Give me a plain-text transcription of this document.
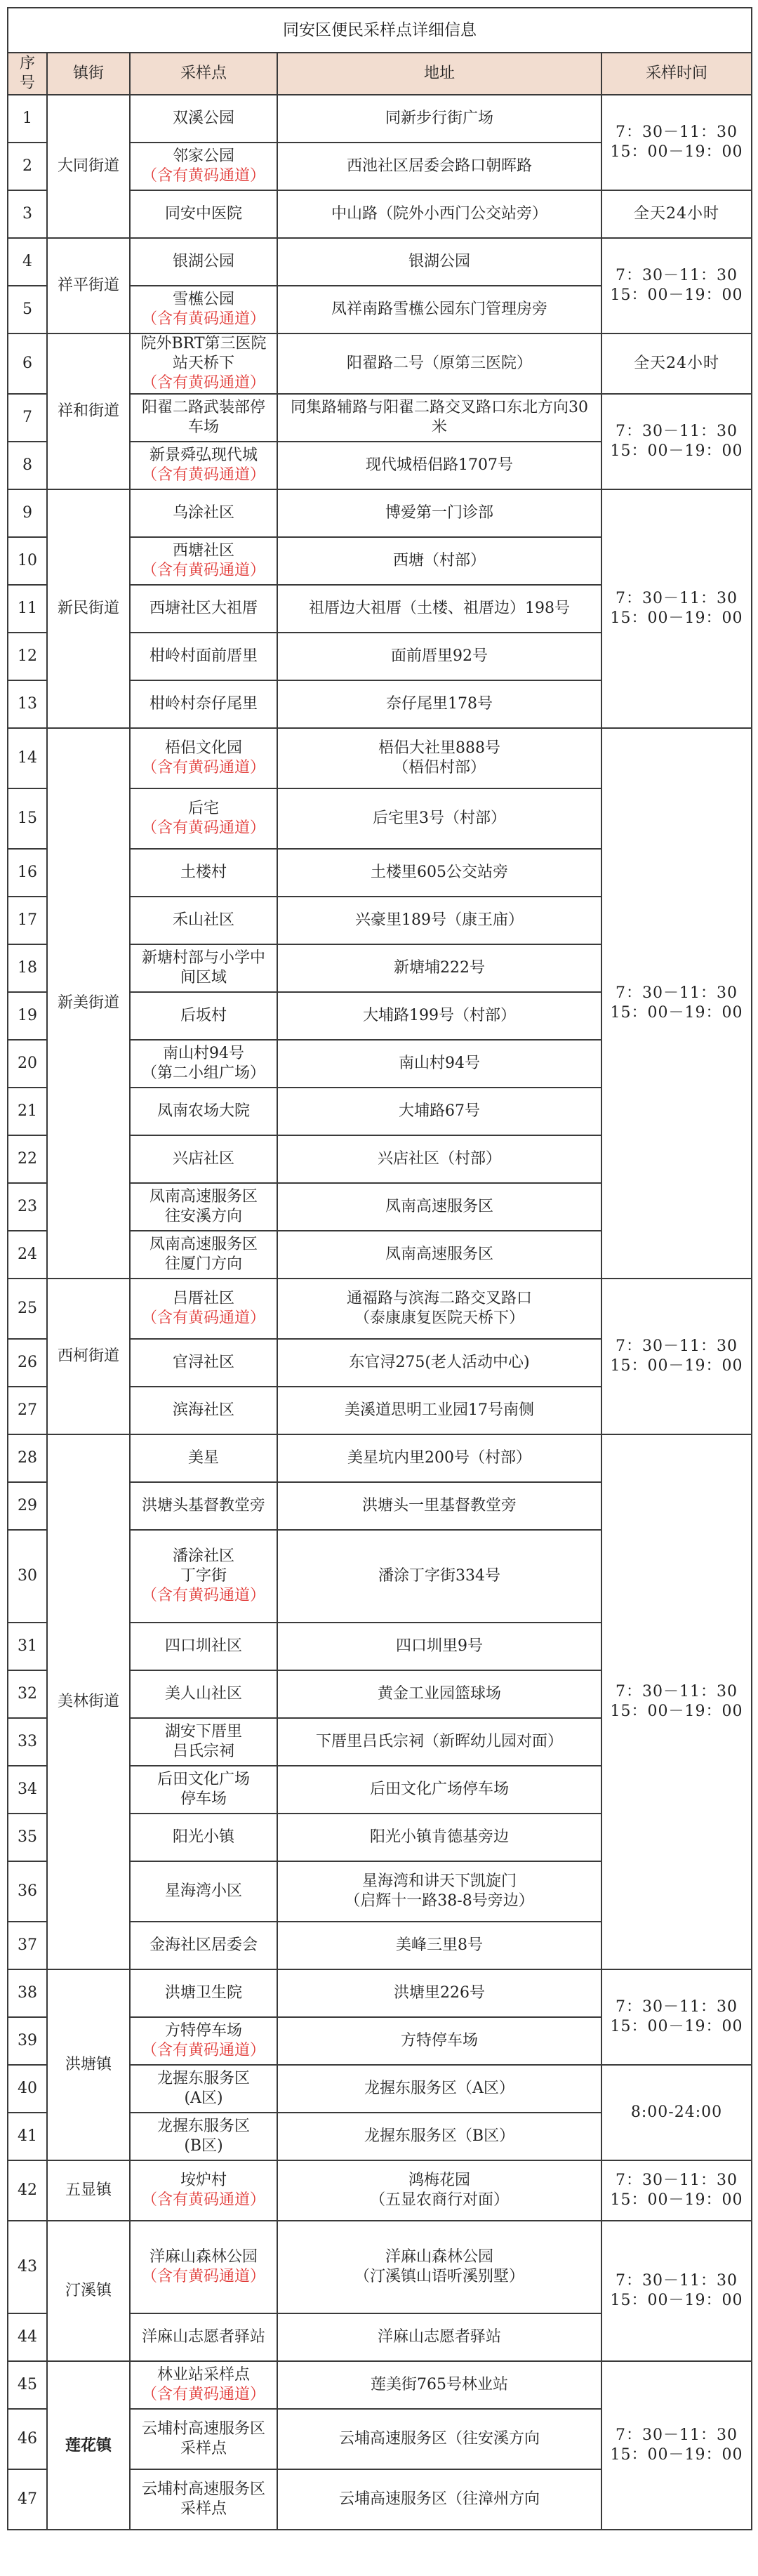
同安区便民采样点详细信息				
序号	镇街	采样点	地址	采样时间
1	大同街道	双溪公园	同新步行街广场	7：30－11：30
15：00－19：00

2		邻家公园
（含有黄码通道）	西池社区居委会路口朝晖路	

3		同安中医院	中山路（院外小西门公交站旁）	全天24小时

4	祥平街道	银湖公园	银湖公园	7：30－11：30
15：00－19：00

5		雪櫵公园
（含有黄码通道）	凤祥南路雪櫵公园东门管理房旁	

6	祥和街道	院外BRT第三医院
站天桥下
（含有黄码通道）	阳翟路二号（原第三医院）	全天24小时

7		阳翟二路武装部停
车场	同集路辅路与阳翟二路交叉路口东北方向30
米	7：30－11：30
15：00－19：00

8		新景舜弘现代城
（含有黄码通道）	现代城梧侣路1707号	

9	新民街道	乌涂社区	博爱第一门诊部	7：30－11：30
15：00－19：00

10		西塘社区
（含有黄码通道）	西塘（村部）	

11		西塘社区大祖厝	祖厝边大祖厝（土楼、祖厝边）198号	

12		柑岭村面前厝里	面前厝里92号	

13		柑岭村奈仔尾里	奈仔尾里178号	

14	新美街道	梧侣文化园
（含有黄码通道）	梧侣大社里888号
（梧侣村部）	7：30－11：30
15：00－19：00

15		后宅
（含有黄码通道）	后宅里3号（村部）	

16		土楼村	土楼里605公交站旁	

17		禾山社区	兴豪里189号（康王庙）	

18		新塘村部与小学中
间区域	新塘埔222号	

19		后坂村	大埔路199号（村部）	

20		南山村94号
（第二小组广场）	南山村94号	

21		凤南农场大院	大埔路67号	

22		兴店社区	兴店社区（村部）	

23		凤南高速服务区
往安溪方向	凤南高速服务区	

24		凤南高速服务区
往厦门方向	凤南高速服务区	

25	西柯街道	吕厝社区
（含有黄码通道）	通福路与滨海二路交叉路口
（泰康康复医院天桥下）	7：30－11：30
15：00－19：00

26		官浔社区	东官浔275(老人活动中心)	

27		滨海社区	美溪道思明工业园17号南侧	

28	美林街道	美星	美星坑内里200号（村部）	7：30－11：30
15：00－19：00

29		洪塘头基督教堂旁	洪塘头一里基督教堂旁	

30		潘涂社区
丁字街
（含有黄码通道）	潘涂丁字街334号	

31		四口圳社区	四口圳里9号	

32		美人山社区	黄金工业园篮球场	

33		湖安下厝里
吕氏宗祠	下厝里吕氏宗祠（新晖幼儿园对面）	

34		后田文化广场
停车场	后田文化广场停车场	

35		阳光小镇	阳光小镇肯德基旁边	

36		星海湾小区	星海湾和讲天下凯旋门
（启辉十一路38-8号旁边）	

37		金海社区居委会	美峰三里8号	

38	洪塘镇	洪塘卫生院	洪塘里226号	7：30－11：30
15：00－19：00

39		方特停车场
（含有黄码通道）	方特停车场	

40		龙握东服务区
(A区)	龙握东服务区（A区）	8:00-24:00

41		龙握东服务区
(B区)	龙握东服务区（B区）	

42	五显镇	垵炉村
（含有黄码通道）	鸿梅花园
（五显农商行对面）	7：30－11：30
15：00－19：00

43	汀溪镇	洋麻山森林公园
（含有黄码通道）	洋麻山森林公园
（汀溪镇山语听溪别墅）	7：30－11：30
15：00－19：00

44		洋麻山志愿者驿站	洋麻山志愿者驿站	

45	莲花镇	林业站采样点
（含有黄码通道）	莲美街765号林业站	7：30－11：30
15：00－19：00

46		云埔村高速服务区
采样点	云埔高速服务区（往安溪方向	

47		云埔村高速服务区
采样点	云埔高速服务区（往漳州方向	
